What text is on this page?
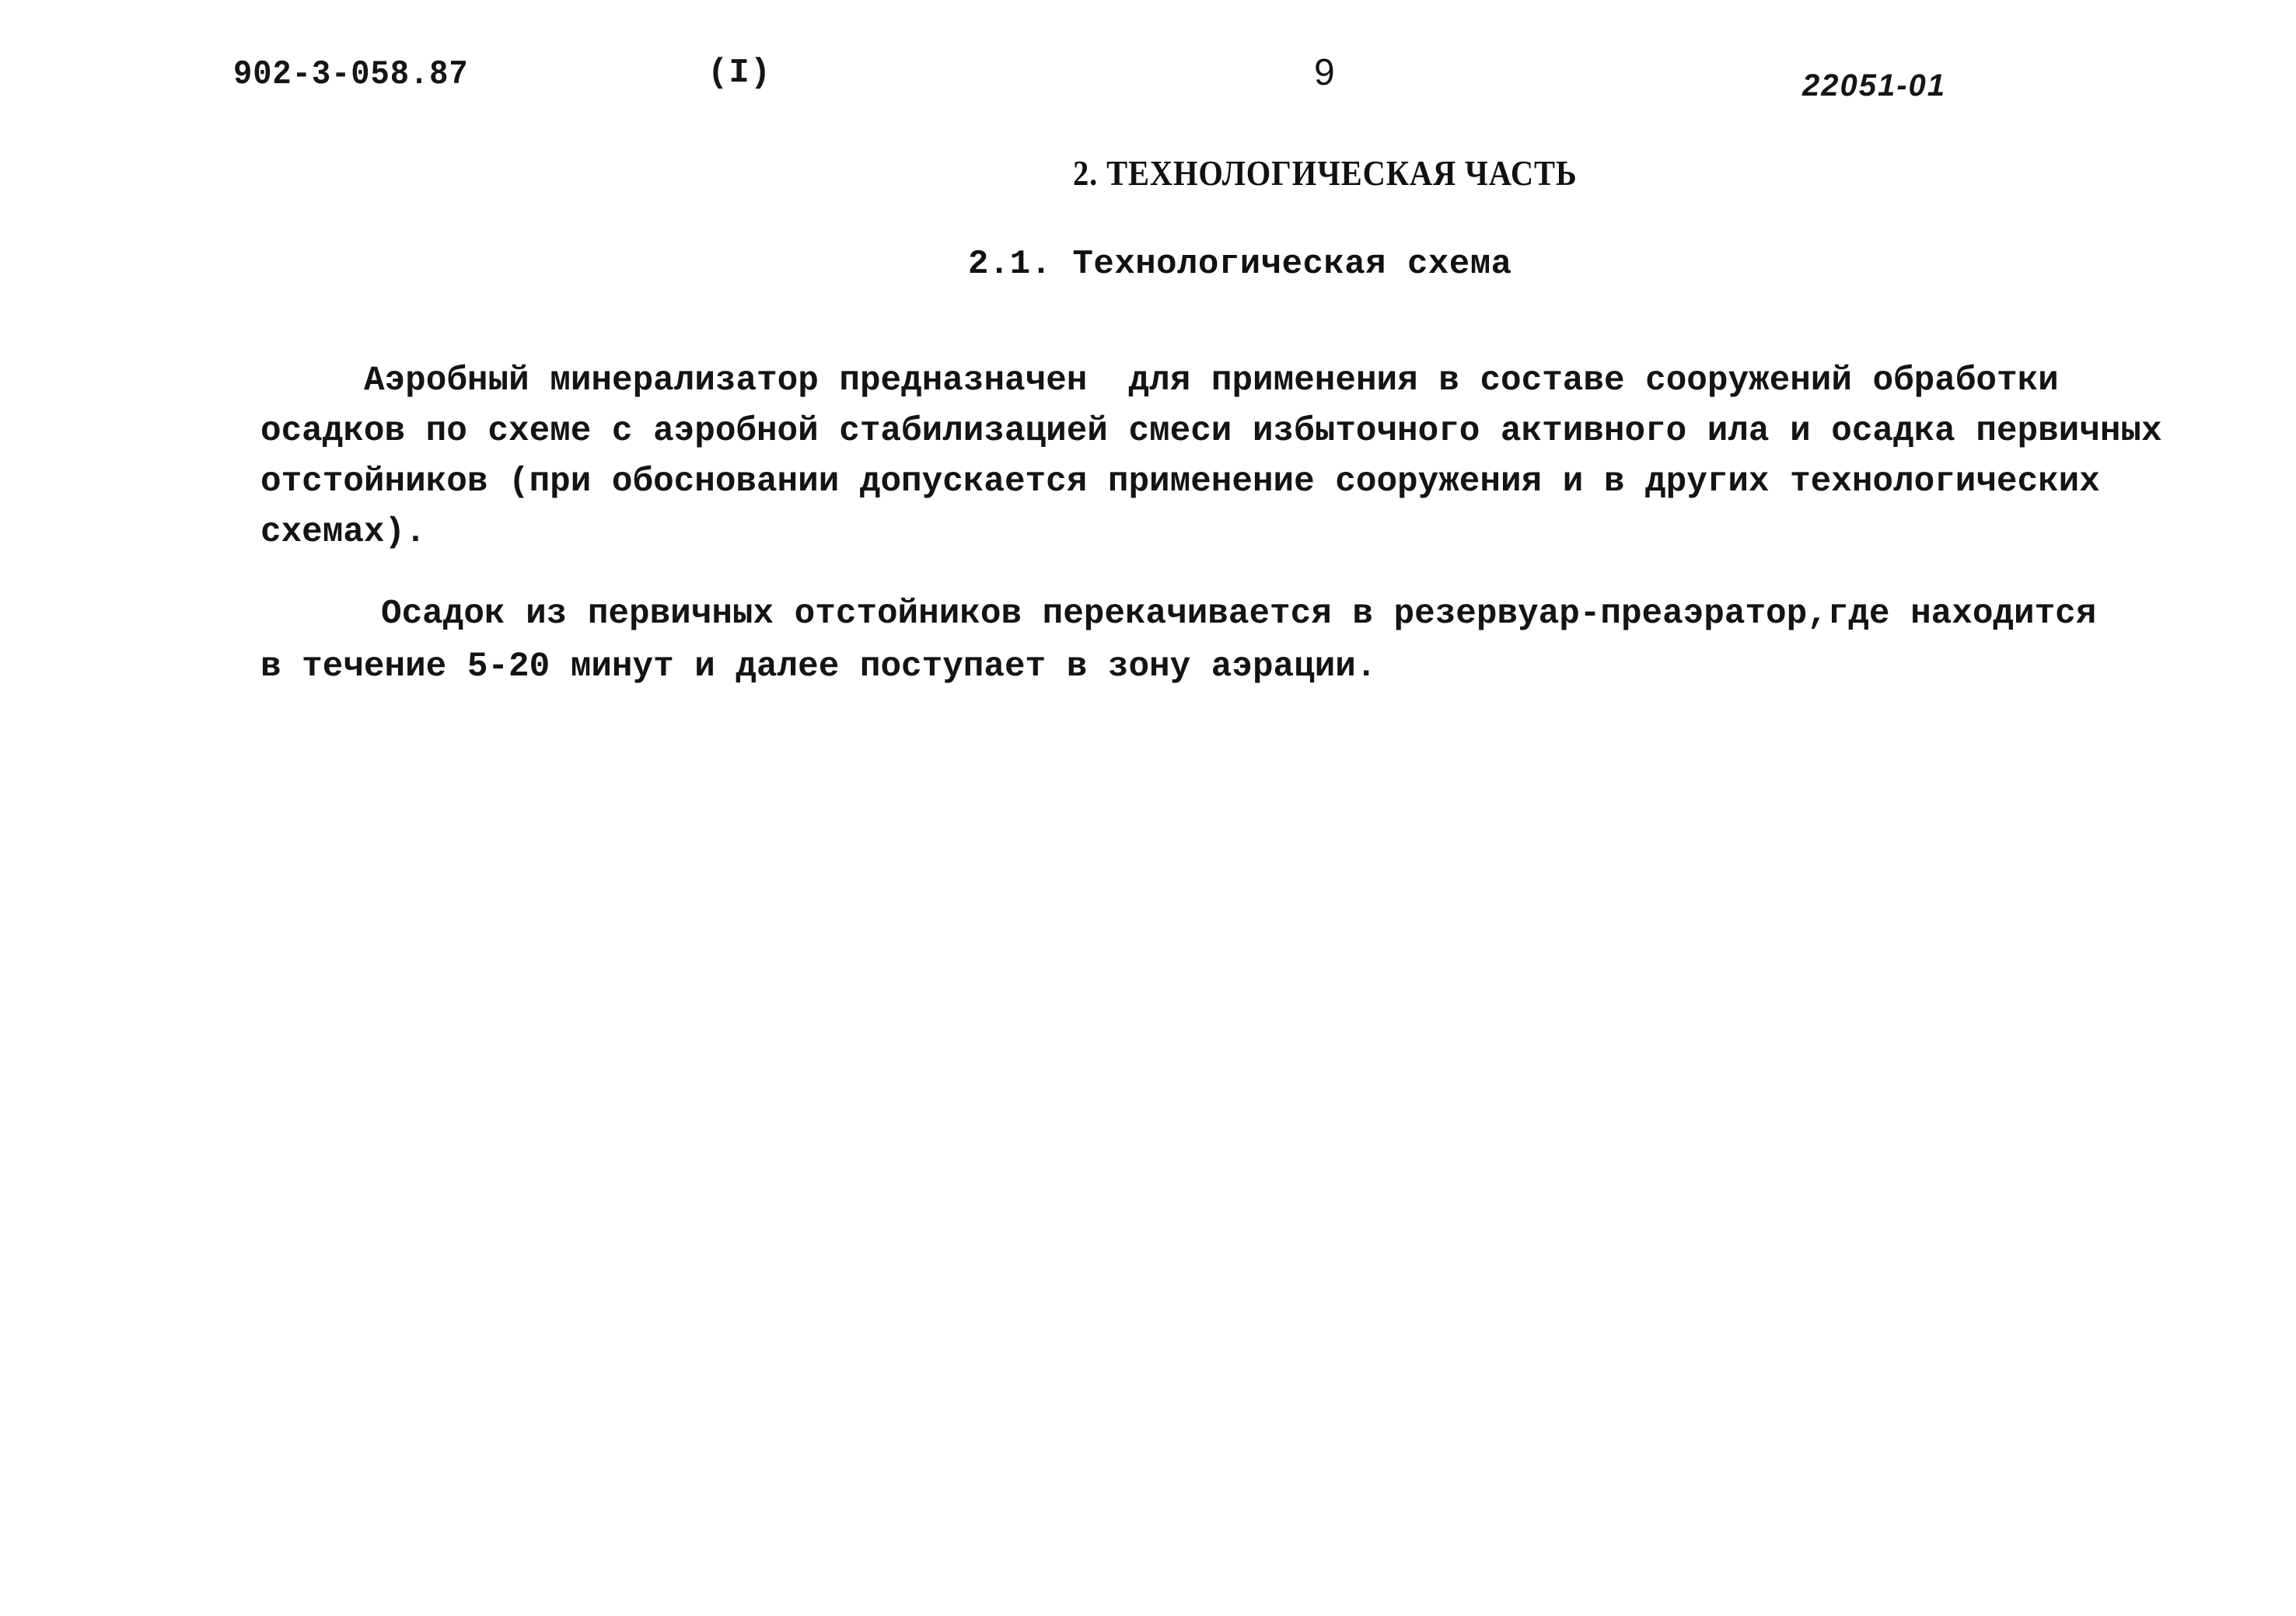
902-3-058.87	(I)	9	22051-01
2. ТЕХНОЛОГИЧЕСКАЯ ЧАСТЬ
2.1. Технологическая схема
Аэробный минерализатор предназначен  для применения в составе сооружений обработки
осадков по схеме с аэробной стабилизацией смеси избыточного активного ила и осадка первичных
отстойников (при обосновании допускается применение сооружения и в других технологических
схемах).
Осадок из первичных отстойников перекачивается в резервуар-преаэратор,где находится
в течение 5-20 минут и далее поступает в зону аэрации.
